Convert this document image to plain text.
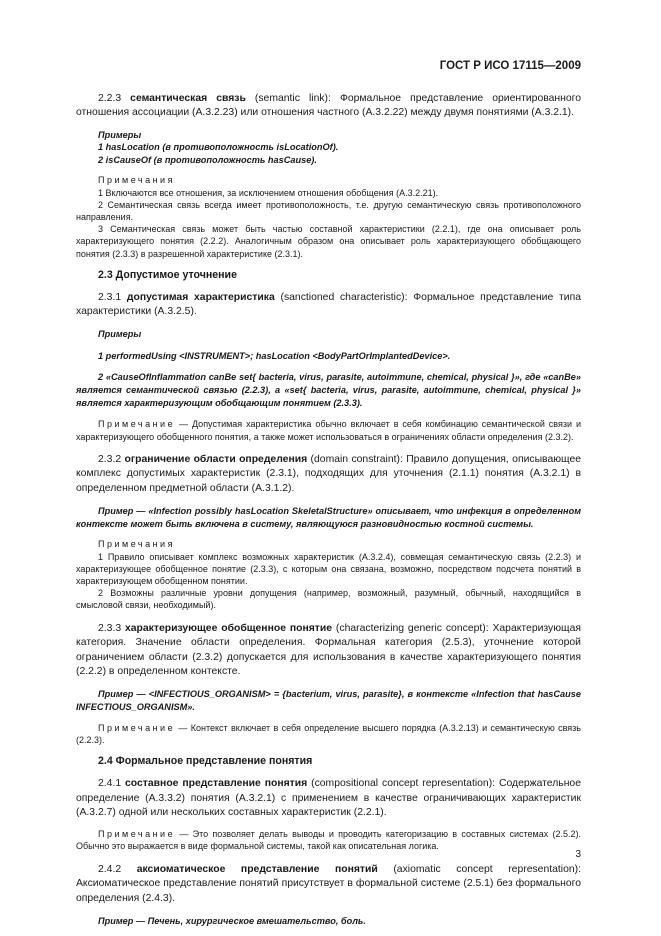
ГОСТ Р ИСО 17115—2009

2.2.3 семантическая связь (semantic link): Формальное представление ориентированного отношения ассоциации (A.3.2.23) или отношения частного (A.3.2.22) между двумя понятиями (A.3.2.1).

Примеры

1 hasLocation (в противоположность isLocationOf).

2 isCauseOf (в противоположность hasCause).

Примечания

1 Включаются все отношения, за исключением отношения обобщения (A.3.2.21).

2 Семантическая связь всегда имеет противоположность, т.е. другую семантическую связь противоположного направления.

3 Семантическая связь может быть частью составной характеристики (2.2.1), где она описывает роль характеризующего понятия (2.2.2). Аналогичным образом она описывает роль характеризующего обобщающего понятия (2.3.3) в разрешенной характеристике (2.3.1).

2.3 Допустимое уточнение

2.3.1 допустимая характеристика (sanctioned characteristic): Формальное представление типа характеристики (A.3.2.5).

Примеры

1 performedUsing <INSTRUMENT>; hasLocation <BodyPartOrImplantedDevice>.

2 «CauseOfInflammation canBe set{ bacteria, virus, parasite, autoimmune, chemical, physical }», где «canBe» является семантической связью (2.2.3), а «set{ bacteria, virus, parasite, autoimmune, chemical, physical }» является характеризующим обобщающим понятием (2.3.3).

Примечание — Допустимая характеристика обычно включает в себя комбинацию семантической связи и характеризующего обобщенного понятия, а также может использоваться в ограничениях области определения (2.3.2).

2.3.2 ограничение области определения (domain constraint): Правило допущения, описывающее комплекс допустимых характеристик (2.3.1), подходящих для уточнения (2.1.1) понятия (A.3.2.1) в определенном предметной области (A.3.1.2).

Пример — «Infection possibly hasLocation SkeletalStructure» описывает, что инфекция в определенном контексте может быть включена в систему, являющуюся разновидностью костной системы.

Примечания

1 Правило описывает комплекс возможных характеристик (A.3.2.4), совмещая семантическую связь (2.2.3) и характеризующее обобщенное понятие (2.3.3), с которым она связана, возможно, посредством подсчета понятий в характеризующем обобщенном понятии.

2 Возможны различные уровни допущения (например, возможный, разумный, обычный, находящийся в смысловой связи, необходимый).

2.3.3 характеризующее обобщенное понятие (characterizing generic concept): Характеризующая категория. Значение области определения. Формальная категория (2.5.3), уточнение которой ограничением области (2.3.2) допускается для использования в качестве характеризующего понятия (2.2.2) в определенном контексте.

Пример — <INFECTIOUS_ORGANISM> = {bacterium, virus, parasite}, в контексте «Infection that hasCause INFECTIOUS_ORGANISM».

Примечание — Контекст включает в себя определение высшего порядка (A.3.2.13) и семантическую связь (2.2.3).

2.4 Формальное представление понятия

2.4.1 составное представление понятия (compositional concept representation): Содержательное определение (A.3.3.2) понятия (A.3.2.1) с применением в качестве ограничивающих характеристик (A.3.2.7) одной или нескольких составных характеристик (2.2.1).

Примечание — Это позволяет делать выводы и проводить категоризацию в составных системах (2.5.2). Обычно это выражается в виде формальной системы, такой как описательная логика.

2.4.2 аксиоматическое представление понятий (axiomatic concept representation): Аксиоматическое представление понятий присутствует в формальной системе (2.5.1) без формального определения (2.4.3).

Пример — Печень, хирургическое вмешательство, боль.

3
